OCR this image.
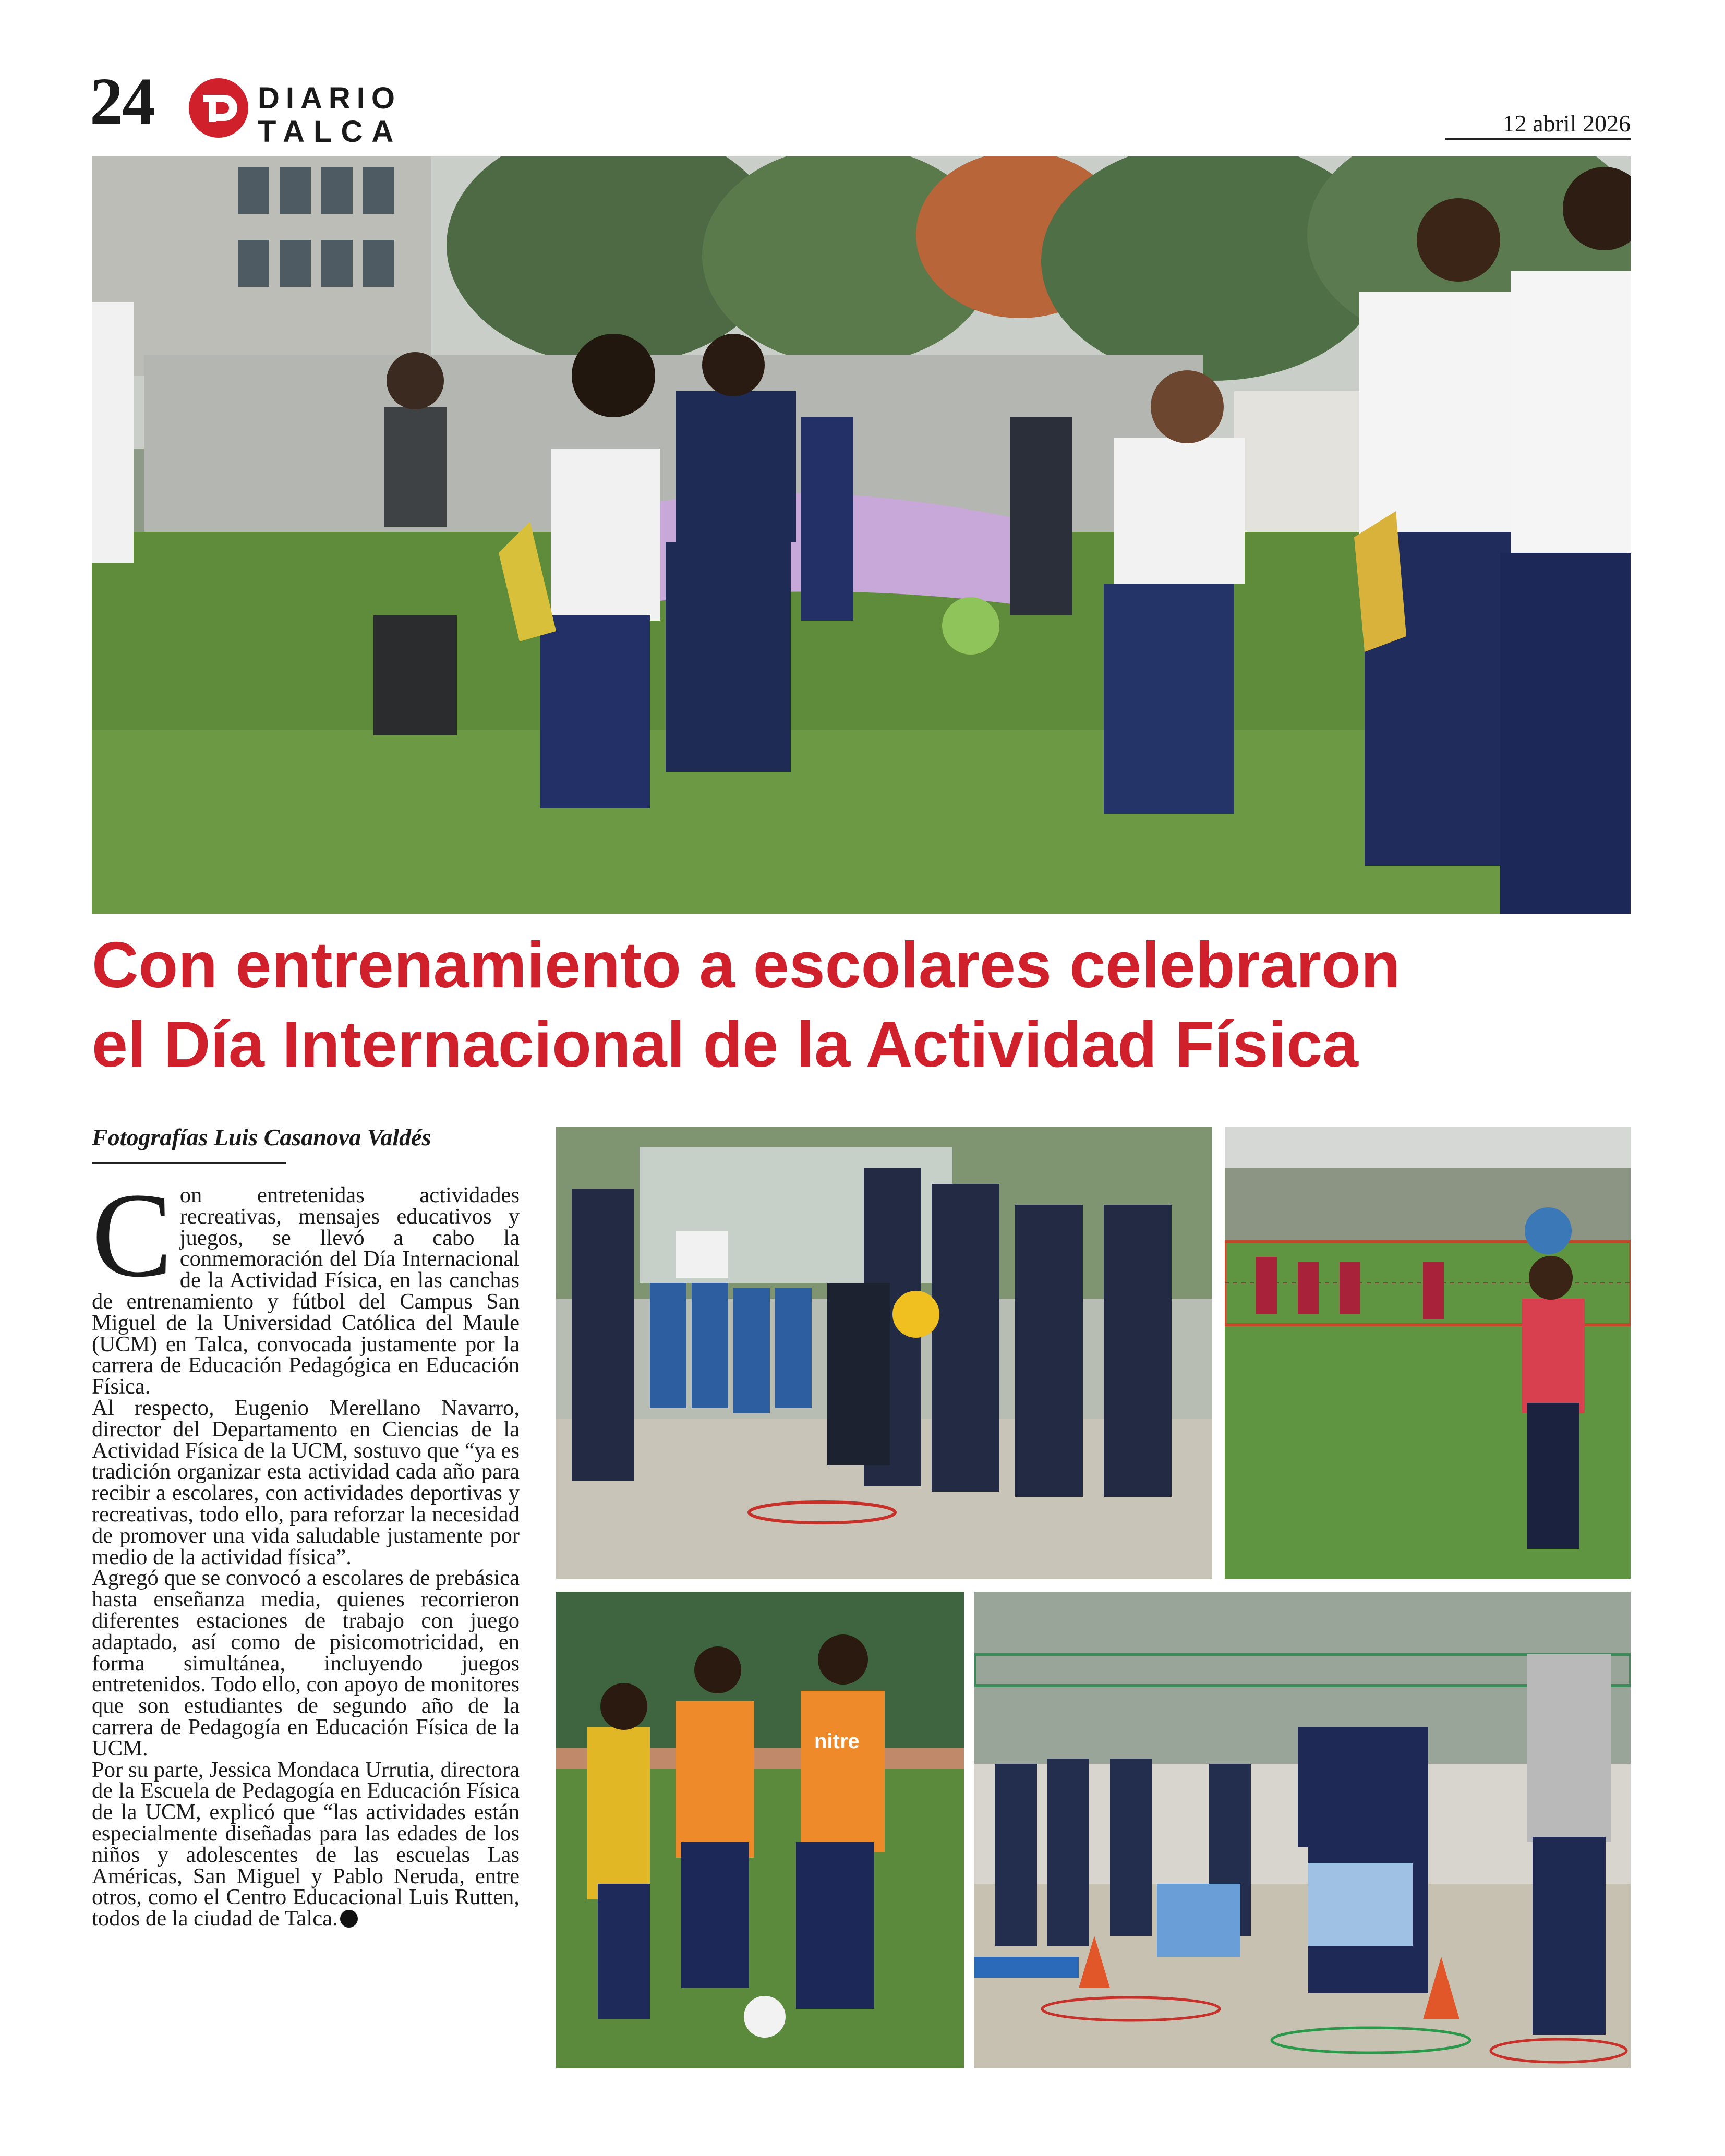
24	DIARIO
TALCA	12 abril 2026
Con entrenamiento a escolares celebraron
el Día Internacional de la Actividad Física
Fotografías Luis Casanova Valdés
C on entretenidas actividades recreativas, mensajes educativos y juegos, se llevó a cabo la conmemoración del Día Internacional de la Actividad Física, en las canchas de entrenamiento y fútbol del Campus San Miguel de la Universidad Católica del Maule (UCM) en Talca, convocada justamente por la carrera de Educación Pedagógica en Educación Física.

Al respecto, Eugenio Merellano Navarro, director del Departamento en Ciencias de la Actividad Física de la UCM, sostuvo que “ya es tradición organizar esta actividad cada año para recibir a escolares, con actividades deportivas y recreativas, todo ello, para reforzar la necesidad de promover una vida saludable justamente por medio de la actividad física”.

Agregó que se convocó a escolares de prebásica hasta enseñanza media, quienes recorrieron diferentes estaciones de trabajo con juego adaptado, así como de pisicomotricidad, en forma simultánea, incluyendo juegos entretenidos. Todo ello, con apoyo de monitores que son estudiantes de segundo año de la carrera de Pedagogía en Educación Física de la UCM.

Por su parte, Jessica Mondaca Urrutia, directora de la Escuela de Pedagogía en Educación Física de la UCM, explicó que “las actividades están especialmente diseñadas para las edades de los niños y adolescentes de las escuelas Las Américas, San Miguel y Pablo Neruda, entre otros, como el Centro Educacional Luis Rutten, todos de la ciudad de Talca.

nitre
